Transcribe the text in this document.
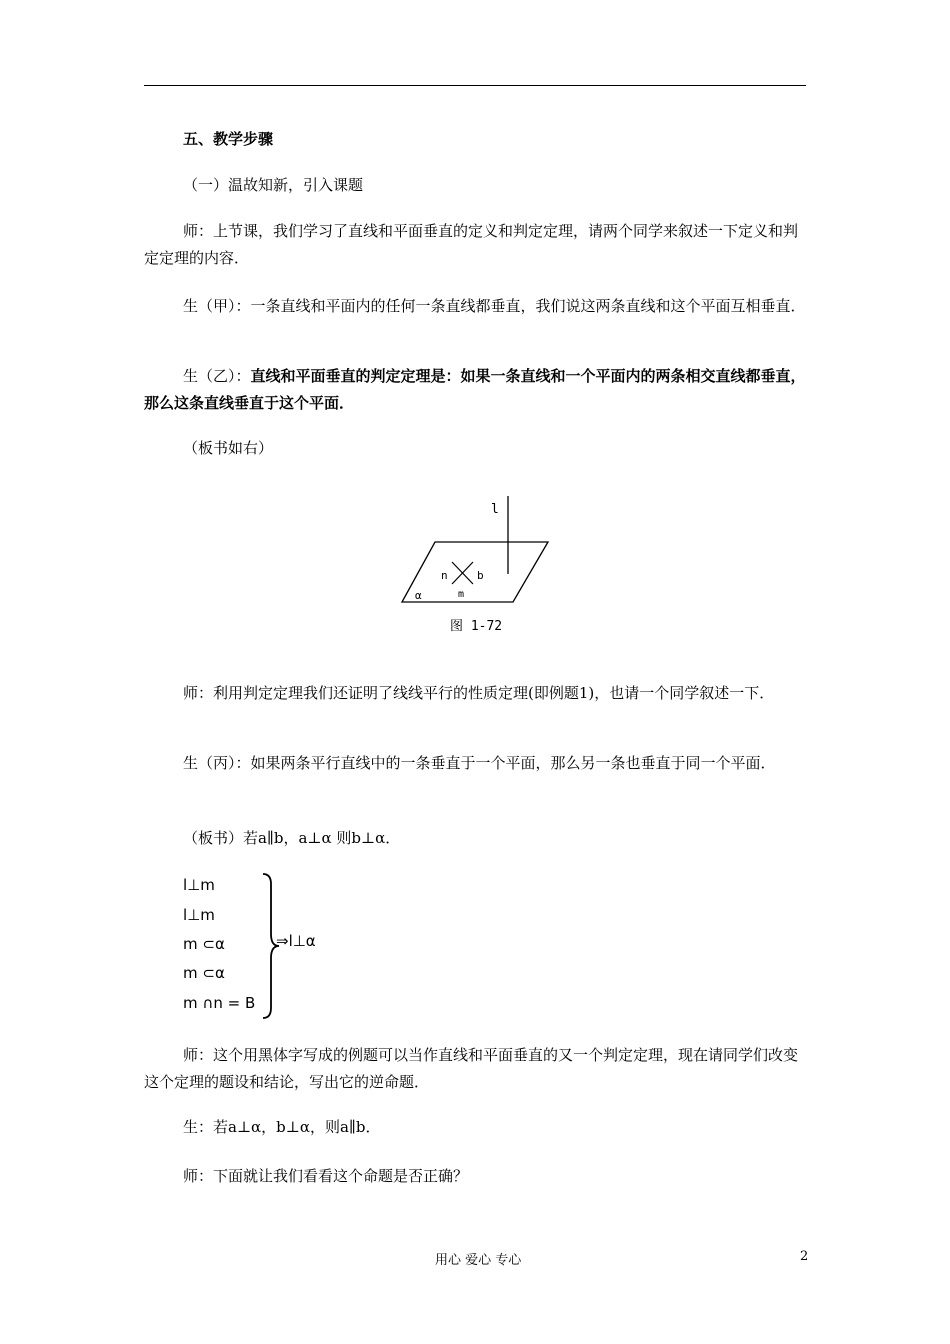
五、教学步骤

（一）温故知新，引入课题

师：上节课，我们学习了直线和平面垂直的定义和判定定理，请两个同学来叙述一下定义和判定定理的内容．

生（甲）：一条直线和平面内的任何一条直线都垂直，我们说这两条直线和这个平面互相垂直．

生（乙）：直线和平面垂直的判定定理是：如果一条直线和一个平面内的两条相交直线都垂直，那么这条直线垂直于这个平面．

（板书如右）

l
n	b
m
α
图 1-72

师：利用判定定理我们还证明了线线平行的性质定理(即例题1)，也请一个同学叙述一下．

生（丙）：如果两条平行直线中的一条垂直于一个平面，那么另一条也垂直于同一个平面．

（板书）若a∥b，a⊥α 则b⊥α．

l⊥m
l⊥m
m ⊂α
m ⊂α
m ∩n = B
⇒l⊥α

师：这个用黑体字写成的例题可以当作直线和平面垂直的又一个判定定理，现在请同学们改变这个定理的题设和结论，写出它的逆命题．

生：若a⊥α，b⊥α，则a∥b．

师：下面就让我们看看这个命题是否正确？

用心 爱心 专心	2
